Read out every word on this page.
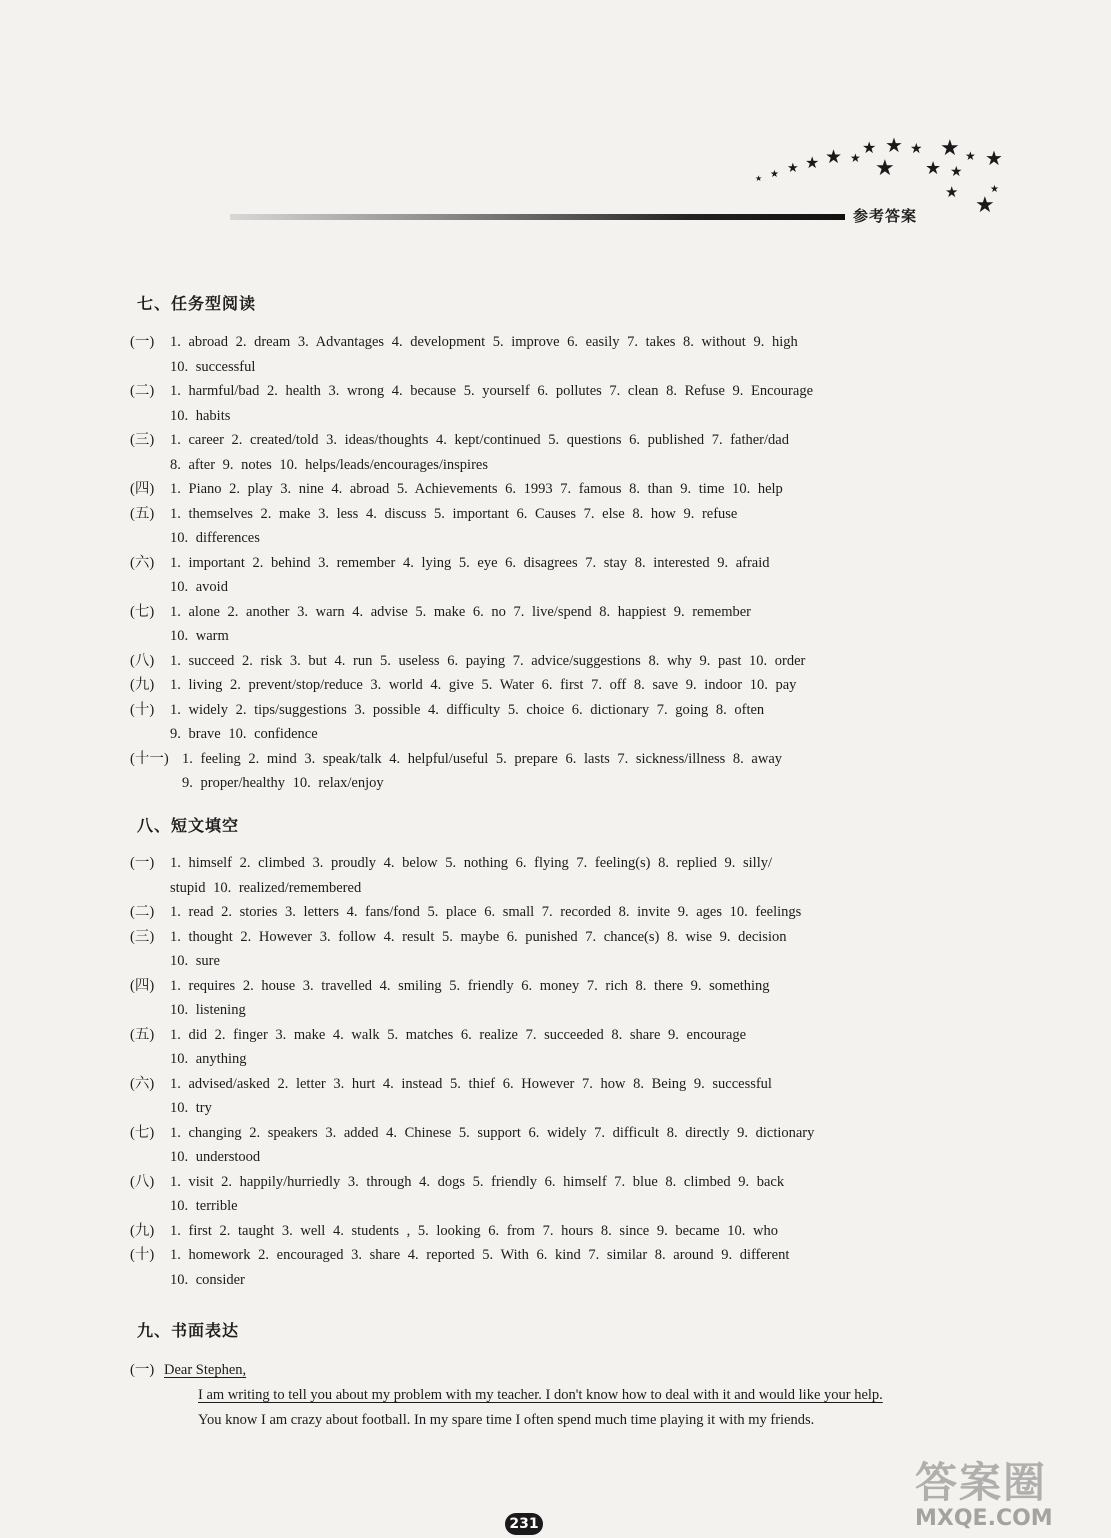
★ ★ ★ ★ ★ ★
★ ★
★
★
★
★
★
★ ★
★
★
★
参考答案
七、任务型阅读
(一)	1. abroad 2. dream 3. Advantages 4. development 5. improve 6. easily 7. takes 8. without 9. high
10. successful
(二)	1. harmful/bad 2. health 3. wrong 4. because 5. yourself 6. pollutes 7. clean 8. Refuse 9. Encourage
10. habits
(三)	1. career 2. created/told 3. ideas/thoughts 4. kept/continued 5. questions 6. published 7. father/dad
8. after 9. notes 10. helps/leads/encourages/inspires
(四)	1. Piano 2. play 3. nine 4. abroad 5. Achievements 6. 1993 7. famous 8. than 9. time 10. help
(五)	1. themselves 2. make 3. less 4. discuss 5. important 6. Causes 7. else 8. how 9. refuse
10. differences
(六)	1. important 2. behind 3. remember 4. lying 5. eye 6. disagrees 7. stay 8. interested 9. afraid
10. avoid
(七)	1. alone 2. another 3. warn 4. advise 5. make 6. no 7. live/spend 8. happiest 9. remember
10. warm
(八)	1. succeed 2. risk 3. but 4. run 5. useless 6. paying 7. advice/suggestions 8. why 9. past 10. order
(九)	1. living 2. prevent/stop/reduce 3. world 4. give 5. Water 6. first 7. off 8. save 9. indoor 10. pay
(十)	1. widely 2. tips/suggestions 3. possible 4. difficulty 5. choice 6. dictionary 7. going 8. often
9. brave 10. confidence
(十一) 1. feeling 2. mind 3. speak/talk 4. helpful/useful 5. prepare 6. lasts 7. sickness/illness 8. away
9. proper/healthy 10. relax/enjoy
八、短文填空
(一)	1. himself 2. climbed 3. proudly 4. below 5. nothing 6. flying 7. feeling(s) 8. replied 9. silly/
stupid 10. realized/remembered
(二)	1. read 2. stories 3. letters 4. fans/fond 5. place 6. small 7. recorded 8. invite 9. ages 10. feelings
(三)	1. thought 2. However 3. follow 4. result 5. maybe 6. punished 7. chance(s) 8. wise 9. decision
10. sure
(四)	1. requires 2. house 3. travelled 4. smiling 5. friendly 6. money 7. rich 8. there 9. something
10. listening
(五)	1. did 2. finger 3. make 4. walk 5. matches 6. realize 7. succeeded 8. share 9. encourage
10. anything
(六)	1. advised/asked 2. letter 3. hurt 4. instead 5. thief 6. However 7. how 8. Being 9. successful
10. try
(七)	1. changing 2. speakers 3. added 4. Chinese 5. support 6. widely 7. difficult 8. directly 9. dictionary
10. understood
(八)	1. visit 2. happily/hurriedly 3. through 4. dogs 5. friendly 6. himself 7. blue 8. climbed 9. back
10. terrible
(九)	1. first 2. taught 3. well 4. students , 5. looking 6. from 7. hours 8. since 9. became 10. who
(十)	1. homework 2. encouraged 3. share 4. reported 5. With 6. kind 7. similar 8. around 9. different
10. consider
九、书面表达
(一) Dear Stephen,
I am writing to tell you about my problem with my teacher. I don't know how to deal with it and would like your help.
You know I am crazy about football. In my spare time I often spend much time playing it with my friends.
231
答案圈
MXQE.COM
